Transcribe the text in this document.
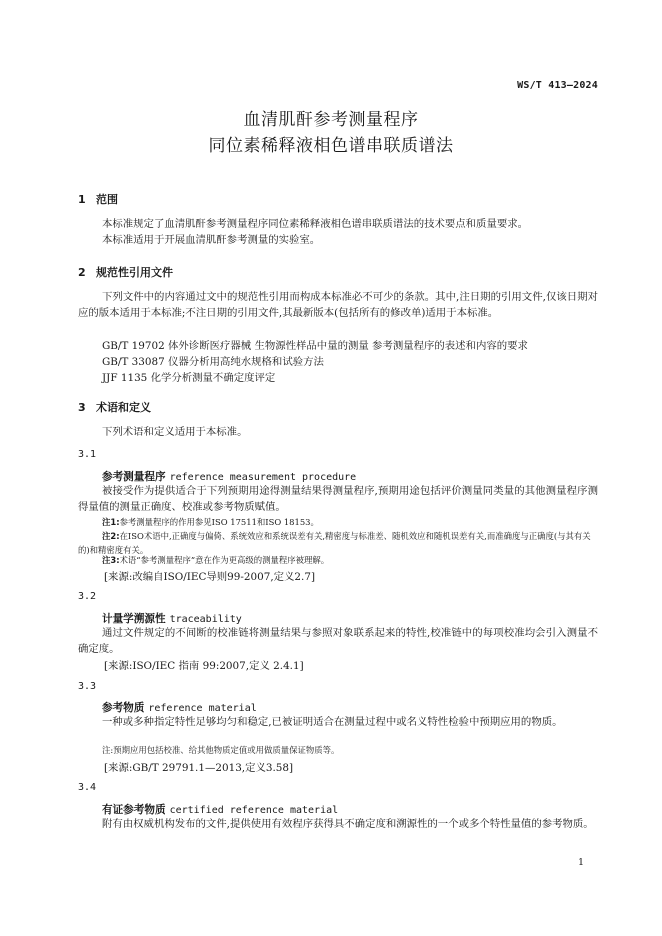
WS/T 413—2024
血清肌酐参考测量程序
同位素稀释液相色谱串联质谱法
1 范围
本标准规定了血清肌酐参考测量程序同位素稀释液相色谱串联质谱法的技术要点和质量要求。
本标准适用于开展血清肌酐参考测量的实验室。
2 规范性引用文件
下列文件中的内容通过文中的规范性引用而构成本标准必不可少的条款。其中,注日期的引用文件,仅该日期对应的版本适用于本标准;不注日期的引用文件,其最新版本(包括所有的修改单)适用于本标准。
GB/T 19702 体外诊断医疗器械 生物源性样品中量的测量 参考测量程序的表述和内容的要求
GB/T 33087 仪器分析用高纯水规格和试验方法
JJF 1135 化学分析测量不确定度评定
3 术语和定义
下列术语和定义适用于本标准。
3.1
参考测量程序 reference measurement procedure
被接受作为提供适合于下列预期用途得测量结果得测量程序,预期用途包括评价测量同类量的其他测量程序测得量值的测量正确度、校准或参考物质赋值。
注1:参考测量程序的作用参见ISO 17511和ISO 18153。
注2:在ISO术语中,正确度与偏倚、系统效应和系统误差有关,精密度与标准差、随机效应和随机误差有关,而准确度与正确度(与其有关的)和精密度有关。
注3:术语“参考测量程序”意在作为更高级的测量程序被理解。
[来源:改编自ISO/IEC导则99-2007,定义2.7]
3.2
计量学溯源性 traceability
通过文件规定的不间断的校准链将测量结果与参照对象联系起来的特性,校准链中的每项校准均会引入测量不确定度。
[来源:ISO/IEC 指南 99:2007,定义 2.4.1]
3.3
参考物质 reference material
一种或多种指定特性足够均匀和稳定,已被证明适合在测量过程中或名义特性检验中预期应用的物质。
注:预期应用包括校准、给其他物质定值或用做质量保证物质等。
[来源:GB/T 29791.1—2013,定义3.58]
3.4
有证参考物质 certified reference material
附有由权威机构发布的文件,提供使用有效程序获得具不确定度和溯源性的一个或多个特性量值的参考物质。
1
